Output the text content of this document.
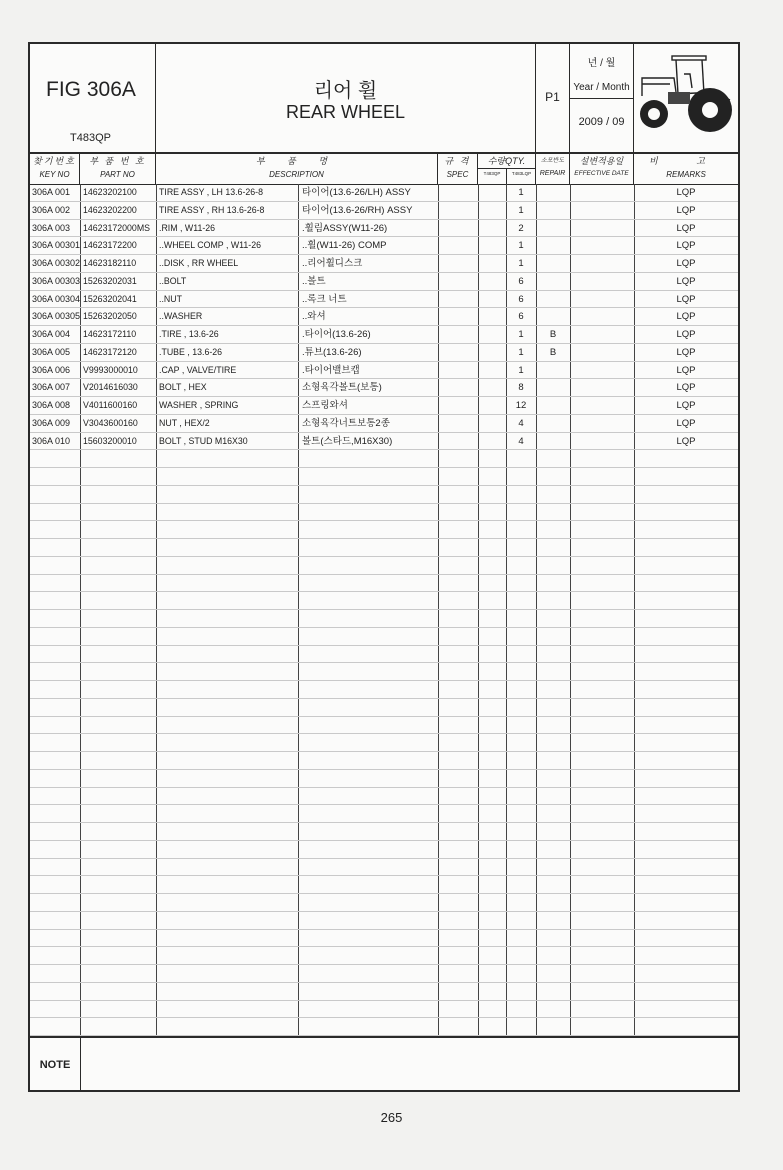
FIG 306A
T483QP
리어 휠
REAR WHEEL
P1
년 / 월
Year / Month
2009 / 09
찾기번호
KEY NO
부 품 번 호
PART NO
부 품 명
DESCRIPTION
규 격
SPEC
수량QTY.
T483QP	T483LQP
소모반도
REPAIR
설변적용일
EFFECTIVE DATE
비 고
REMARKS
306A 001	14623202100	TIRE ASSY , LH 13.6-26-8	타이어(13.6-26/LH) ASSY	1	LQP
306A 002	14623202200	TIRE ASSY , RH 13.6-26-8	타이어(13.6-26/RH) ASSY	1	LQP
306A 003	14623172000MS	.RIM , W11-26	.휠림ASSY(W11-26)	2	LQP
306A 00301 14623172200	..WHEEL COMP , W11-26	..휠(W11-26) COMP	1	LQP
306A 00302 14623182110	..DISK , RR WHEEL	..리어휠디스크	1	LQP
306A 00303 15263202031	..BOLT	..볼트	6	LQP
306A 00304 15263202041	..NUT	..록크 너트	6	LQP
306A 00305 15263202050	..WASHER	..와셔	6	LQP
306A 004	14623172110	.TIRE , 13.6-26	.타이어(13.6-26)	1	B	LQP
306A 005	14623172120	.TUBE , 13.6-26	.튜브(13.6-26)	1	B	LQP
306A 006	V9993000010	.CAP , VALVE/TIRE	.타이어밸브캡	1	LQP
306A 007	V2014616030	BOLT , HEX	소형육각볼트(보통)	8	LQP
306A 008	V4011600160	WASHER , SPRING	스프링와셔	12	LQP
306A 009	V3043600160	NUT , HEX/2	소형육각너트보통2종	4	LQP
306A 010	15603200010	BOLT , STUD M16X30	볼트(스타드,M16X30)	4	LQP
NOTE
265
